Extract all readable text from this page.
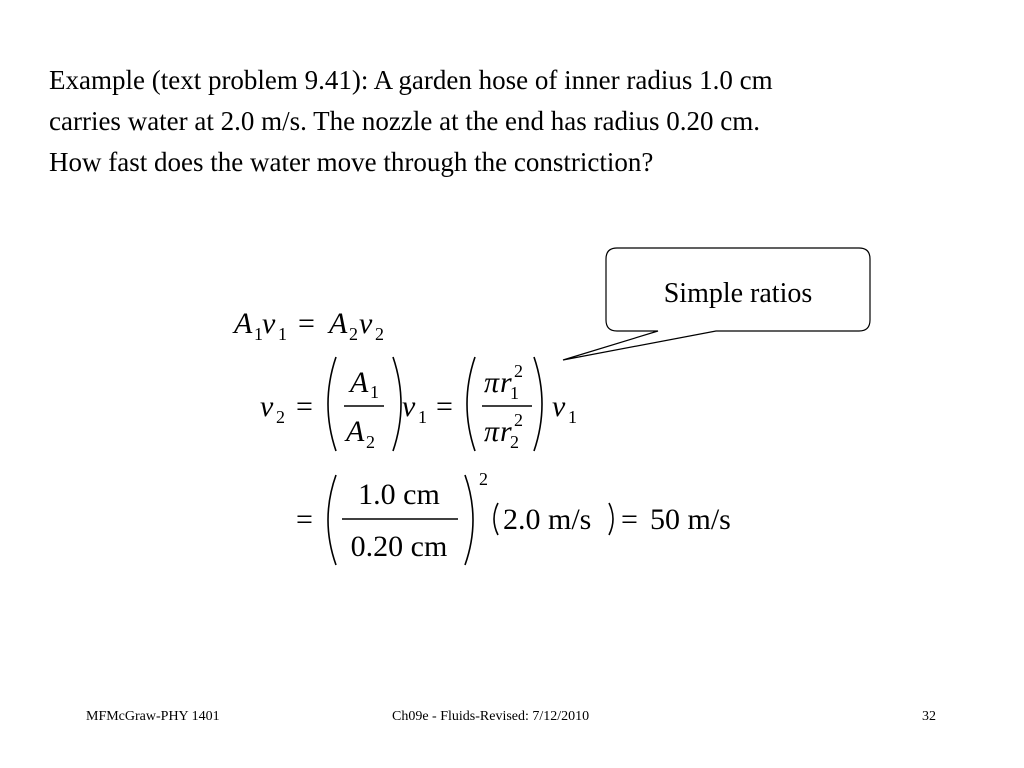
Example (text problem 9.41): A garden hose of inner radius 1.0 cm
carries water at 2.0 m/s. The nozzle at the end has radius 0.20 cm.
How fast does the water move through the constriction?
Simple ratios
A 1 v 1 = A 2 v 2
v 2 =
A 1
A 2
v 1 =
π r 2
1
π r 2
2
v 1
=
1.0 cm
0.20 cm
2
2.0 m/s = 50 m/s
MFMcGraw-PHY 1401	Ch09e - Fluids-Revised: 7/12/2010	32
